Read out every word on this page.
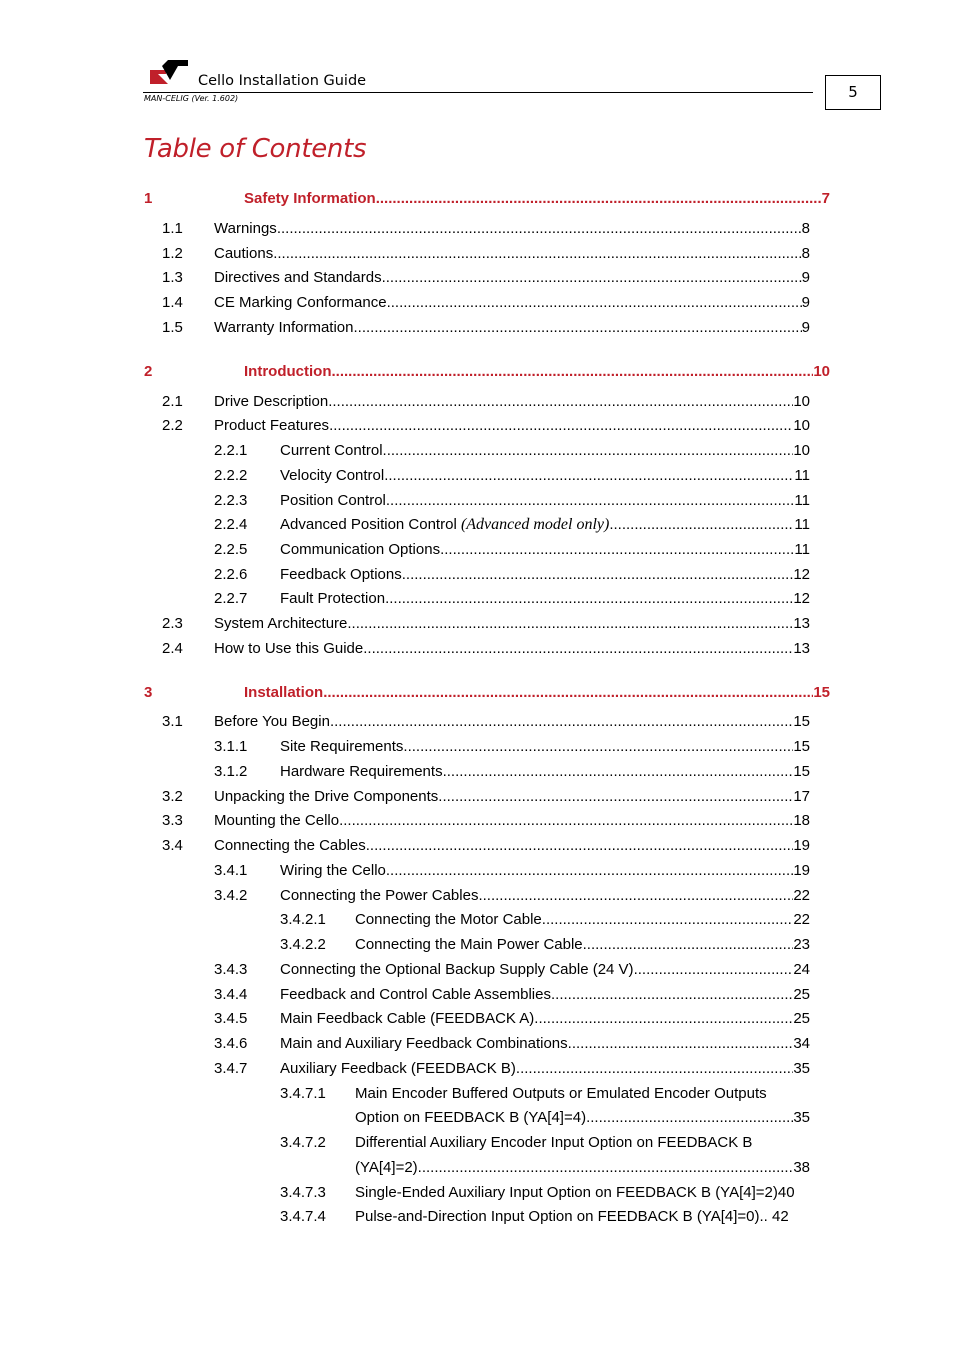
Cello Installation Guide
MAN-CELIG (Ver. 1.602)	5
Table of Contents
1	Safety Information .....	7
1.1 Warnings .....	8
1.2 Cautions .....	8
1.3 Directives and Standards .....	9
1.4 CE Marking Conformance .....	9
1.5 Warranty Information .....	9
2	Introduction .....	10
2.1 Drive Description .....	10
2.2 Product Features .....	10
2.2.1 Current Control .....	10
2.2.2 Velocity Control .....	11
2.2.3 Position Control .....	11
2.2.4 Advanced Position Control
(Advanced model only) .....	11
2.2.5 Communication Options .....	11
2.2.6 Feedback Options .....	12
2.2.7 Fault Protection .....	12
2.3 System Architecture .....	13
2.4 How to Use this Guide .....	13
3	Installation .....	15
3.1 Before You Begin .....	15
3.1.1 Site Requirements .....	15
3.1.2 Hardware Requirements .....	15
3.2 Unpacking the Drive Components .....	17
3.3 Mounting the Cello .....	18
3.4 Connecting the Cables .....	19
3.4.1 Wiring the Cello .....	19
3.4.2 Connecting the Power Cables .....	22
3.4.2.1 Connecting the Motor Cable .....	22
3.4.2.2 Connecting the Main Power Cable .....	23
3.4.3 Connecting the Optional Backup Supply Cable (24 V) .....	24
3.4.4 Feedback and Control Cable Assemblies .....	25
3.4.5 Main Feedback Cable (FEEDBACK A) .....	25
3.4.6 Main and Auxiliary Feedback Combinations .....	34
3.4.7 Auxiliary Feedback (FEEDBACK B) .....	35
3.4.7.1 Main Encoder Buffered Outputs or Emulated Encoder Outputs
Option on FEEDBACK B (YA[4]=4) .....	35
3.4.7.2 Differential Auxiliary Encoder Input Option on FEEDBACK B
(YA[4]=2) .....	38
3.4.7.3 Single-Ended Auxiliary Input Option on FEEDBACK B (YA[4]=2)40
3.4.7.4 Pulse-and-Direction Input Option on FEEDBACK B (YA[4]=0).. 42
